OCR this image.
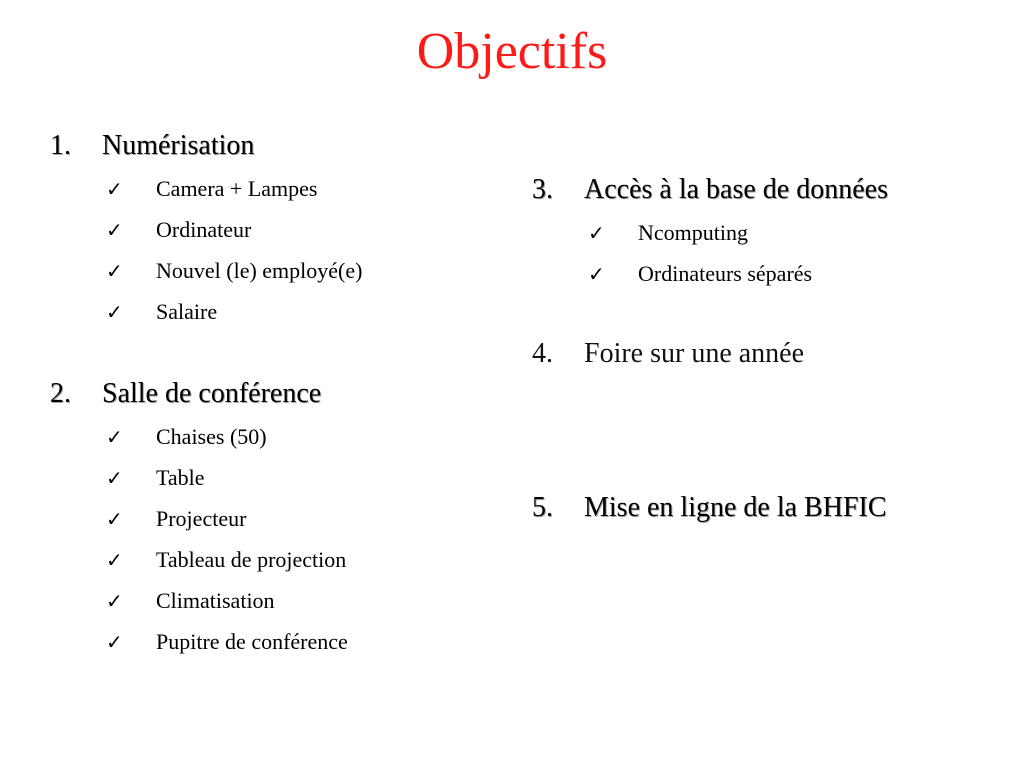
Objectifs
1.	Numérisation
✓	Camera + Lampes
✓	Ordinateur
✓	Nouvel (le) employé(e)
✓	Salaire
2.	Salle de conférence
✓	Chaises (50)
✓	Table
✓	Projecteur
✓	Tableau de projection
✓	Climatisation
✓	Pupitre de conférence
3.	Accès à la base de données
✓	Ncomputing
✓	Ordinateurs séparés
4.	Foire sur une année
5.	Mise en ligne de la BHFIC
